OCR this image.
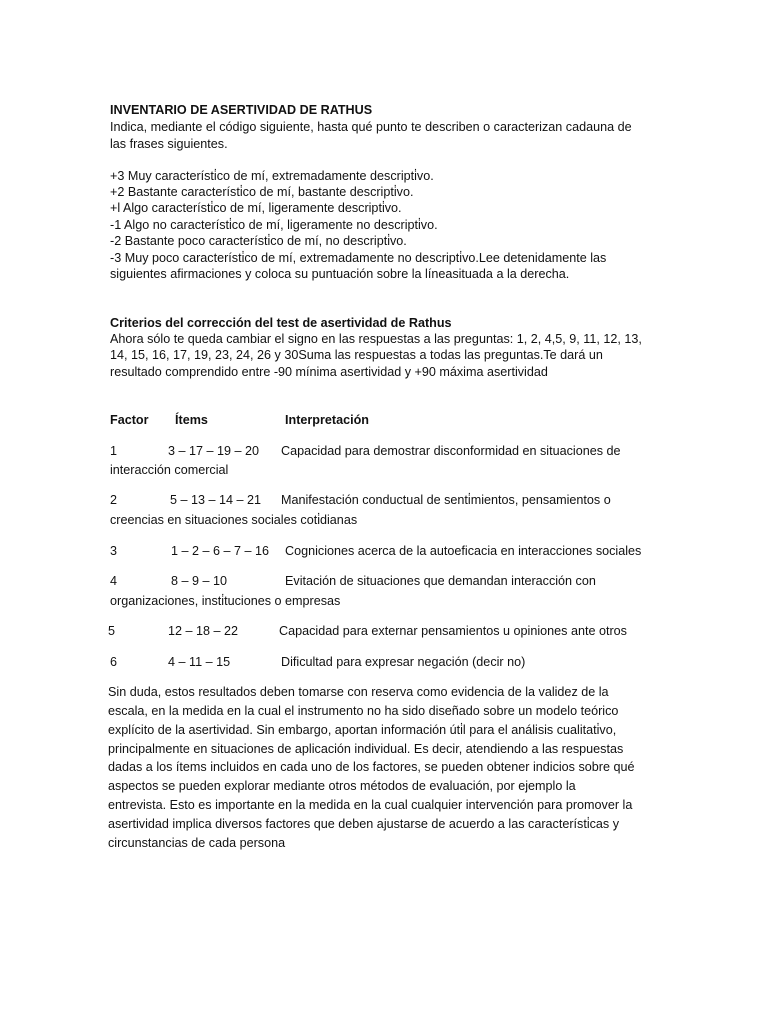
INVENTARIO DE ASERTIVIDAD DE RATHUS
Indica, mediante el código siguiente, hasta qué punto te describen o caracterizan cadauna de
las frases siguientes.
+3 Muy característi̇co de mí, extremadamente descripti̇vo.
+2 Bastante característi̇co de mí, bastante descripti̇vo.
+l Algo característi̇co de mí, ligeramente descripti̇vo.
-1 Algo no característi̇co de mí, ligeramente no descripti̇vo.
-2 Bastante poco característi̇co de mí, no descripti̇vo.
-3 Muy poco característi̇co de mí, extremadamente no descripti̇vo.Lee detenidamente las
siguientes afirmaciones y coloca su puntuación sobre la líneasituada a la derecha.
Criterios del corrección del test de asertividad de Rathus
Ahora sólo te queda cambiar el signo en las respuestas a las preguntas: 1, 2, 4,5, 9, 11, 12, 13,
14, 15, 16, 17, 19, 23, 24, 26 y 30Suma las respuestas a todas las preguntas.Te dará un
resultado comprendido entre -90 mínima asertividad y +90 máxima asertividad
Factor Ítems	Interpretación
1	3 – 17 – 19 – 20 Capacidad para demostrar disconformidad en situaciones de
interacción comercial
2	5 – 13 – 14 – 21 Manifestación conductual de senti̇mientos, pensamientos o
creencias en situaciones sociales coti̇dianas
3	1 – 2 – 6 – 7 – 16 Cogniciones acerca de la autoeficacia en interacciones sociales
4	8 – 9 – 10	Evitación de situaciones que demandan interacción con
organizaciones, insti̇tuciones o empresas
5	12 – 18 – 22	Capacidad para externar pensamientos u opiniones ante otros
6	4 – 11 – 15	Dificultad para expresar negación (decir no)
Sin duda, estos resultados deben tomarse con reserva como evidencia de la validez de la
escala, en la medida en la cual el instrumento no ha sido diseñado sobre un modelo teórico
explícito de la asertividad. Sin embargo, aportan información úti̇l para el análisis cualitati̇vo,
principalmente en situaciones de aplicación individual. Es decir, atendiendo a las respuestas
dadas a los ítems incluidos en cada uno de los factores, se pueden obtener indicios sobre qué
aspectos se pueden explorar mediante otros métodos de evaluación, por ejemplo la
entrevista. Esto es importante en la medida en la cual cualquier intervención para promover la
asertividad implica diversos factores que deben ajustarse de acuerdo a las característi̇cas y
circunstancias de cada persona
